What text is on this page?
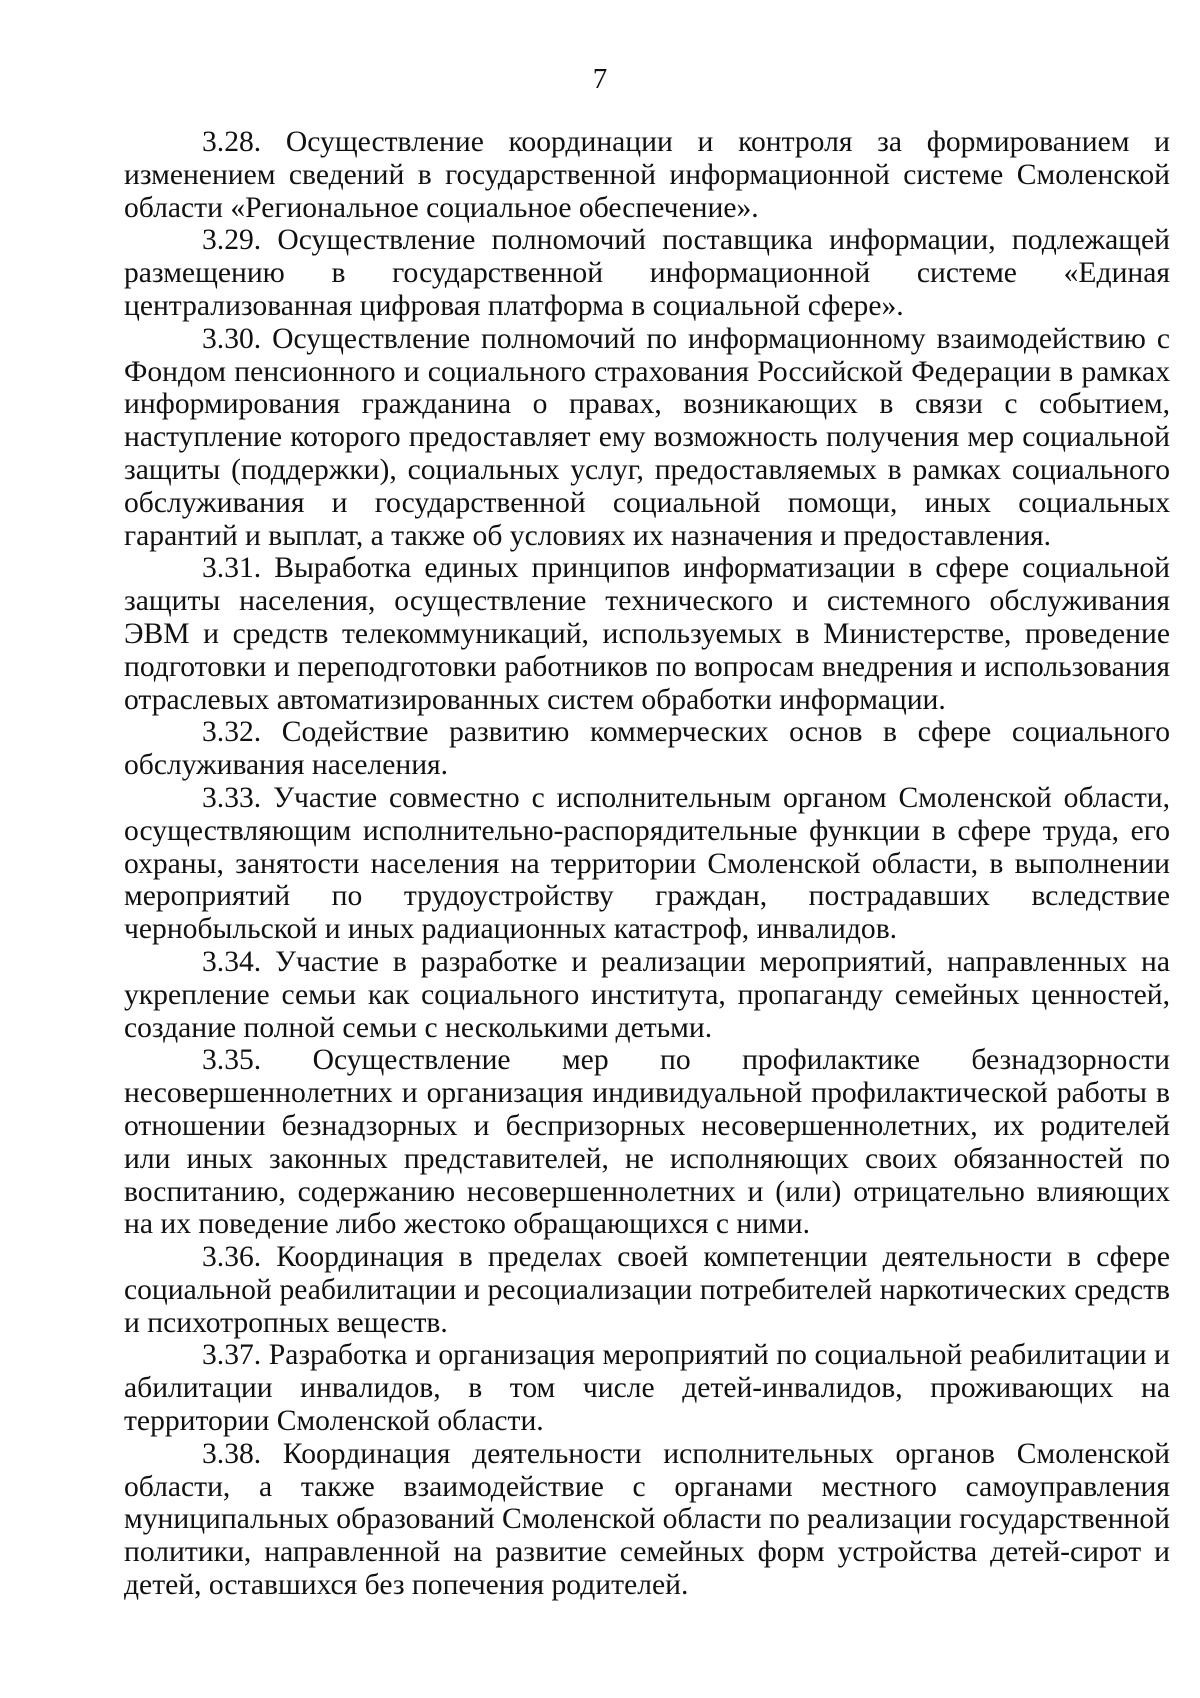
7

3.28. Осуществление координации и контроля за формированием и изменением сведений в государственной информационной системе Смоленской области «Региональное социальное обеспечение».

3.29. Осуществление полномочий поставщика информации, подлежащей размещению в государственной информационной системе «Единая централизованная цифровая платформа в социальной сфере».

3.30. Осуществление полномочий по информационному взаимодействию с Фондом пенсионного и социального страхования Российской Федерации в рамках информирования гражданина о правах, возникающих в связи с событием, наступление которого предоставляет ему возможность получения мер социальной защиты (поддержки), социальных услуг, предоставляемых в рамках социального обслуживания и государственной социальной помощи, иных социальных гарантий и выплат, а также об условиях их назначения и предоставления.

3.31. Выработка единых принципов информатизации в сфере социальной защиты населения, осуществление технического и системного обслуживания ЭВМ и средств телекоммуникаций, используемых в Министерстве, проведение подготовки и переподготовки работников по вопросам внедрения и использования отраслевых автоматизированных систем обработки информации.

3.32. Содействие развитию коммерческих основ в сфере социального обслуживания населения.

3.33. Участие совместно с исполнительным органом Смоленской области, осуществляющим исполнительно-распорядительные функции в сфере труда, его охраны, занятости населения на территории Смоленской области, в выполнении мероприятий по трудоустройству граждан, пострадавших вследствие чернобыльской и иных радиационных катастроф, инвалидов.

3.34. Участие в разработке и реализации мероприятий, направленных на укрепление семьи как социального института, пропаганду семейных ценностей, создание полной семьи с несколькими детьми.

3.35. Осуществление мер по профилактике безнадзорности несовершеннолетних и организация индивидуальной профилактической работы в отношении безнадзорных и беспризорных несовершеннолетних, их родителей или иных законных представителей, не исполняющих своих обязанностей по воспитанию, содержанию несовершеннолетних и (или) отрицательно влияющих на их поведение либо жестоко обращающихся с ними.

3.36. Координация в пределах своей компетенции деятельности в сфере социальной реабилитации и ресоциализации потребителей наркотических средств и психотропных веществ.

3.37. Разработка и организация мероприятий по социальной реабилитации и абилитации инвалидов, в том числе детей-инвалидов, проживающих на территории Смоленской области.

3.38. Координация деятельности исполнительных органов Смоленской области, а также взаимодействие с органами местного самоуправления муниципальных образований Смоленской области по реализации государственной политики, направленной на развитие семейных форм устройства детей-сирот и детей, оставшихся без попечения родителей.
